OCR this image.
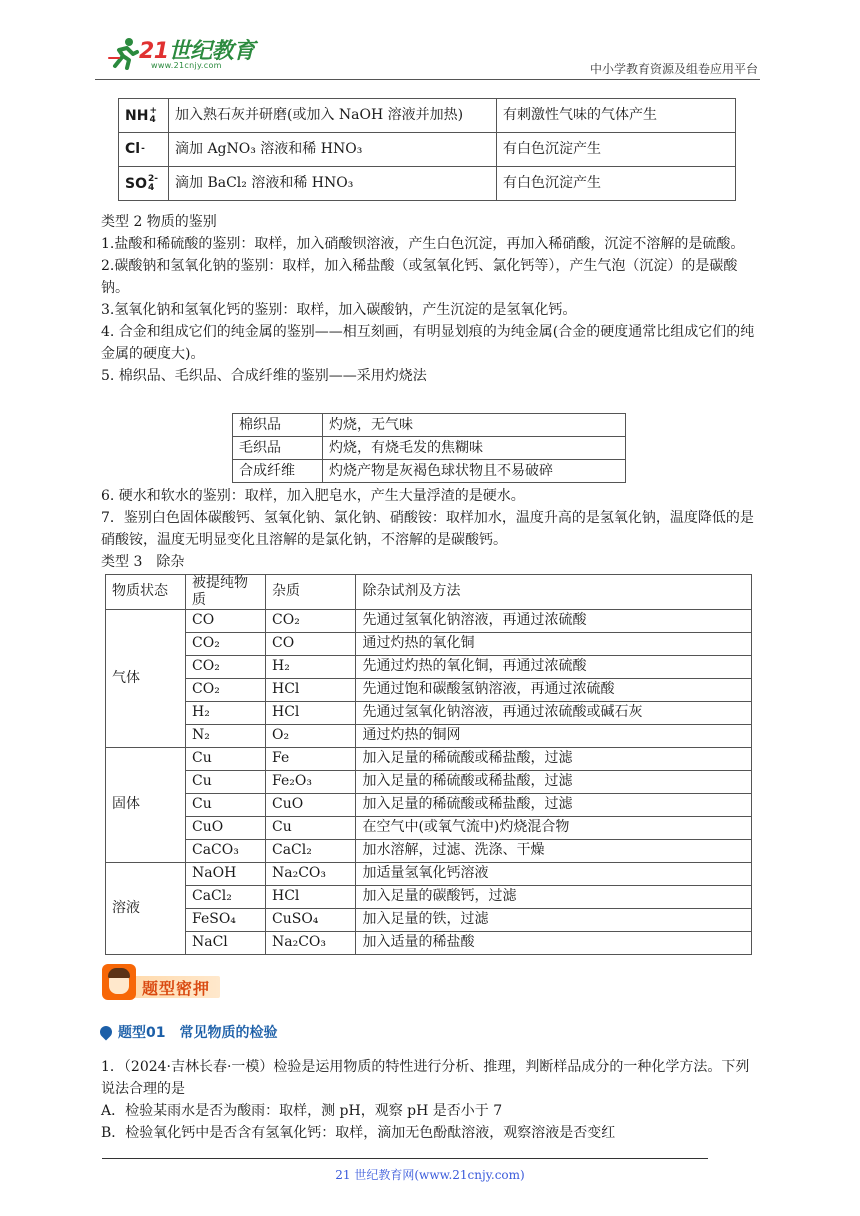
21世纪教育
www.21cnjy.com	中小学教育资源及组卷应用平台
NH +
4	加入熟石灰并研磨(或加入 NaOH 溶液并加热)	有刺激性气味的气体产生
Cl -	滴加 AgNO₃ 溶液和稀 HNO₃	有白色沉淀产生
SO 2-
4	滴加 BaCl₂ 溶液和稀 HNO₃	有白色沉淀产生
类型 2 物质的鉴别
1.盐酸和稀硫酸的鉴别：取样，加入硝酸钡溶液，产生白色沉淀，再加入稀硝酸，沉淀不溶解的是硫酸。
2.碳酸钠和氢氧化钠的鉴别：取样，加入稀盐酸（或氢氧化钙、氯化钙等），产生气泡（沉淀）的是碳酸钠。
3.氢氧化钠和氢氧化钙的鉴别：取样，加入碳酸钠，产生沉淀的是氢氧化钙。
4. 合金和组成它们的纯金属的鉴别——相互刻画，有明显划痕的为纯金属(合金的硬度通常比组成它们的纯金属的硬度大)。
5. 棉织品、毛织品、合成纤维的鉴别——采用灼烧法
棉织品	灼烧，无气味
毛织品	灼烧，有烧毛发的焦糊味
合成纤维	灼烧产物是灰褐色球状物且不易破碎
6. 硬水和软水的鉴别：取样，加入肥皂水，产生大量浮渣的是硬水。
7．鉴别白色固体碳酸钙、氢氧化钠、氯化钠、硝酸铵：取样加水，温度升高的是氢氧化钠，温度降低的是硝酸铵，温度无明显变化且溶解的是氯化钠，不溶解的是碳酸钙。
类型 3　除杂
物质状态	被提纯物质	杂质	除杂试剂及方法
气体	CO	CO₂	先通过氢氧化钠溶液，再通过浓硫酸
	CO₂	CO	通过灼热的氧化铜
	CO₂	H₂	先通过灼热的氧化铜，再通过浓硫酸
	CO₂	HCl	先通过饱和碳酸氢钠溶液，再通过浓硫酸
	H₂	HCl	先通过氢氧化钠溶液，再通过浓硫酸或碱石灰
	N₂	O₂	通过灼热的铜网
固体	Cu	Fe	加入足量的稀硫酸或稀盐酸，过滤
	Cu	Fe₂O₃	加入足量的稀硫酸或稀盐酸，过滤
	Cu	CuO	加入足量的稀硫酸或稀盐酸，过滤
	CuO	Cu	在空气中(或氧气流中)灼烧混合物
	CaCO₃	CaCl₂	加水溶解，过滤、洗涤、干燥
溶液	NaOH	Na₂CO₃	加适量氢氧化钙溶液
	CaCl₂	HCl	加入足量的碳酸钙，过滤
	FeSO₄	CuSO₄	加入足量的铁，过滤
	NaCl	Na₂CO₃	加入适量的稀盐酸
题型密押
题型01 常见物质的检验
1．（2024·吉林长春·一模）检验是运用物质的特性进行分析、推理，判断样品成分的一种化学方法。下列说法合理的是
A．检验某雨水是否为酸雨：取样，测 pH，观察 pH 是否小于 7
B．检验氧化钙中是否含有氢氧化钙：取样，滴加无色酚酞溶液，观察溶液是否变红
21 世纪教育网(www.21cnjy.com)
